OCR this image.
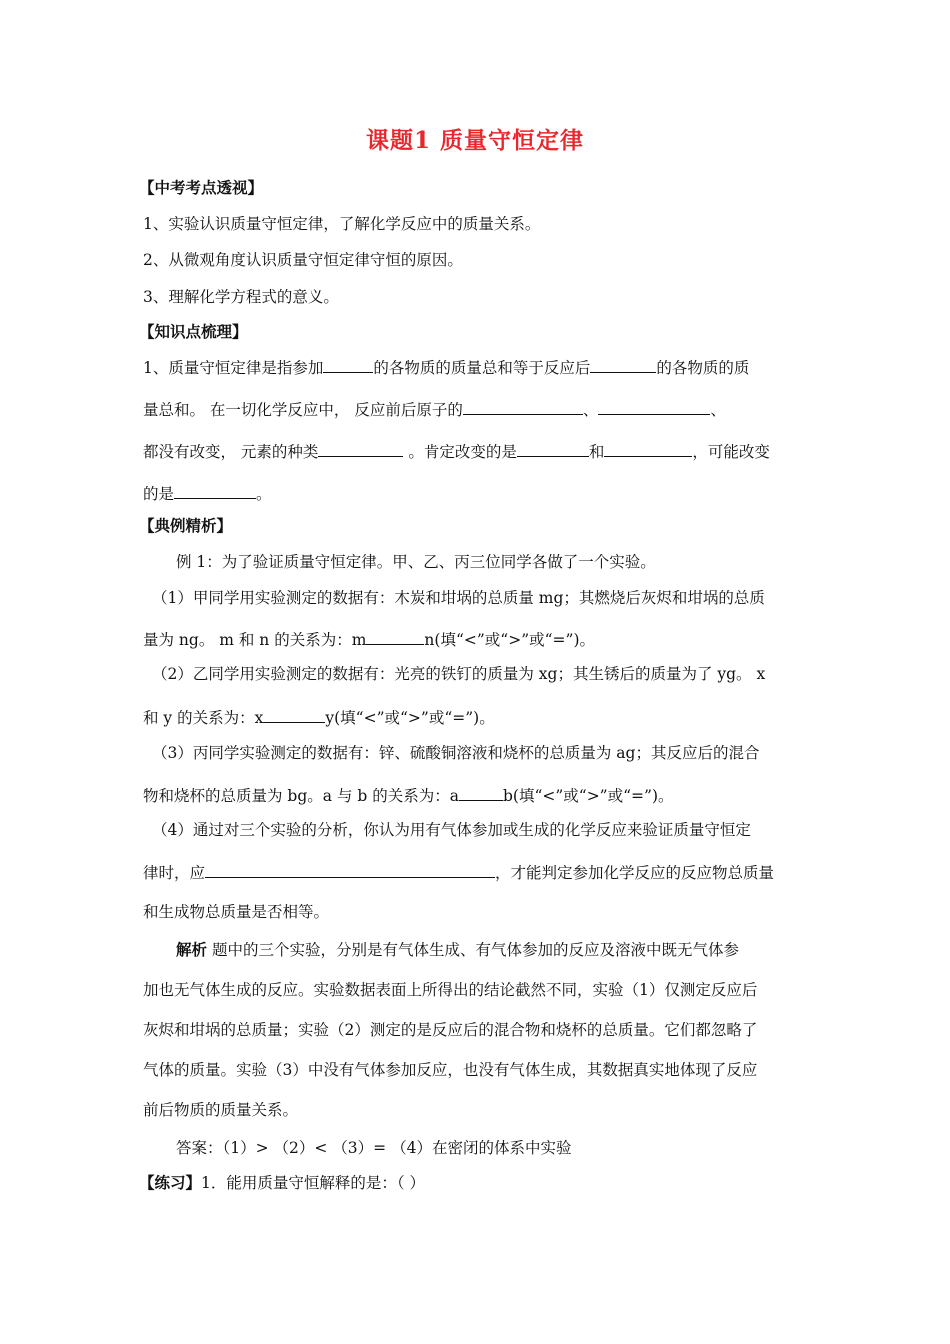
课题1 质量守恒定律
【中考考点透视】
1、实验认识质量守恒定律，了解化学反应中的质量关系。
2、从微观角度认识质量守恒定律守恒的原因。
3、理解化学方程式的意义。
【知识点梳理】
1、质量守恒定律是指参加	的各物质的质量总和等于反应后	的各物质的质
量总和。 在一切化学反应中， 反应前后原子的	、	、
都没有改变， 元素的种类	。肯定改变的是	和	，可能改变
的是	。
【典例精析】
例 1：为了验证质量守恒定律。甲、乙、丙三位同学各做了一个实验。
（1）甲同学用实验测定的数据有：木炭和坩埚的总质量 mg；其燃烧后灰烬和坩埚的总质
量为 ng。 m 和 n 的关系为：m	n(填“<”或“>”或“=”)。
（2）乙同学用实验测定的数据有：光亮的铁钉的质量为 xg；其生锈后的质量为了 yg。 x
和 y 的关系为：x	y(填“<”或“>”或“=”)。
（3）丙同学实验测定的数据有：锌、硫酸铜溶液和烧杯的总质量为 ag；其反应后的混合
物和烧杯的总质量为 bg。a 与 b 的关系为：a	b(填“<”或“>”或“=”)。
（4）通过对三个实验的分析，你认为用有气体参加或生成的化学反应来验证质量守恒定
律时，应	，才能判定参加化学反应的反应物总质量
和生成物总质量是否相等。
解析 题中的三个实验，分别是有气体生成、有气体参加的反应及溶液中既无气体参
加也无气体生成的反应。实验数据表面上所得出的结论截然不同，实验（1）仅测定反应后
灰烬和坩埚的总质量；实验（2）测定的是反应后的混合物和烧杯的总质量。它们都忽略了
气体的质量。实验（3）中没有气体参加反应，也没有气体生成，其数据真实地体现了反应
前后物质的质量关系。
答案：（1）> （2）< （3）= （4）在密闭的体系中实验
【练习】1．能用质量守恒解释的是：（ ）
